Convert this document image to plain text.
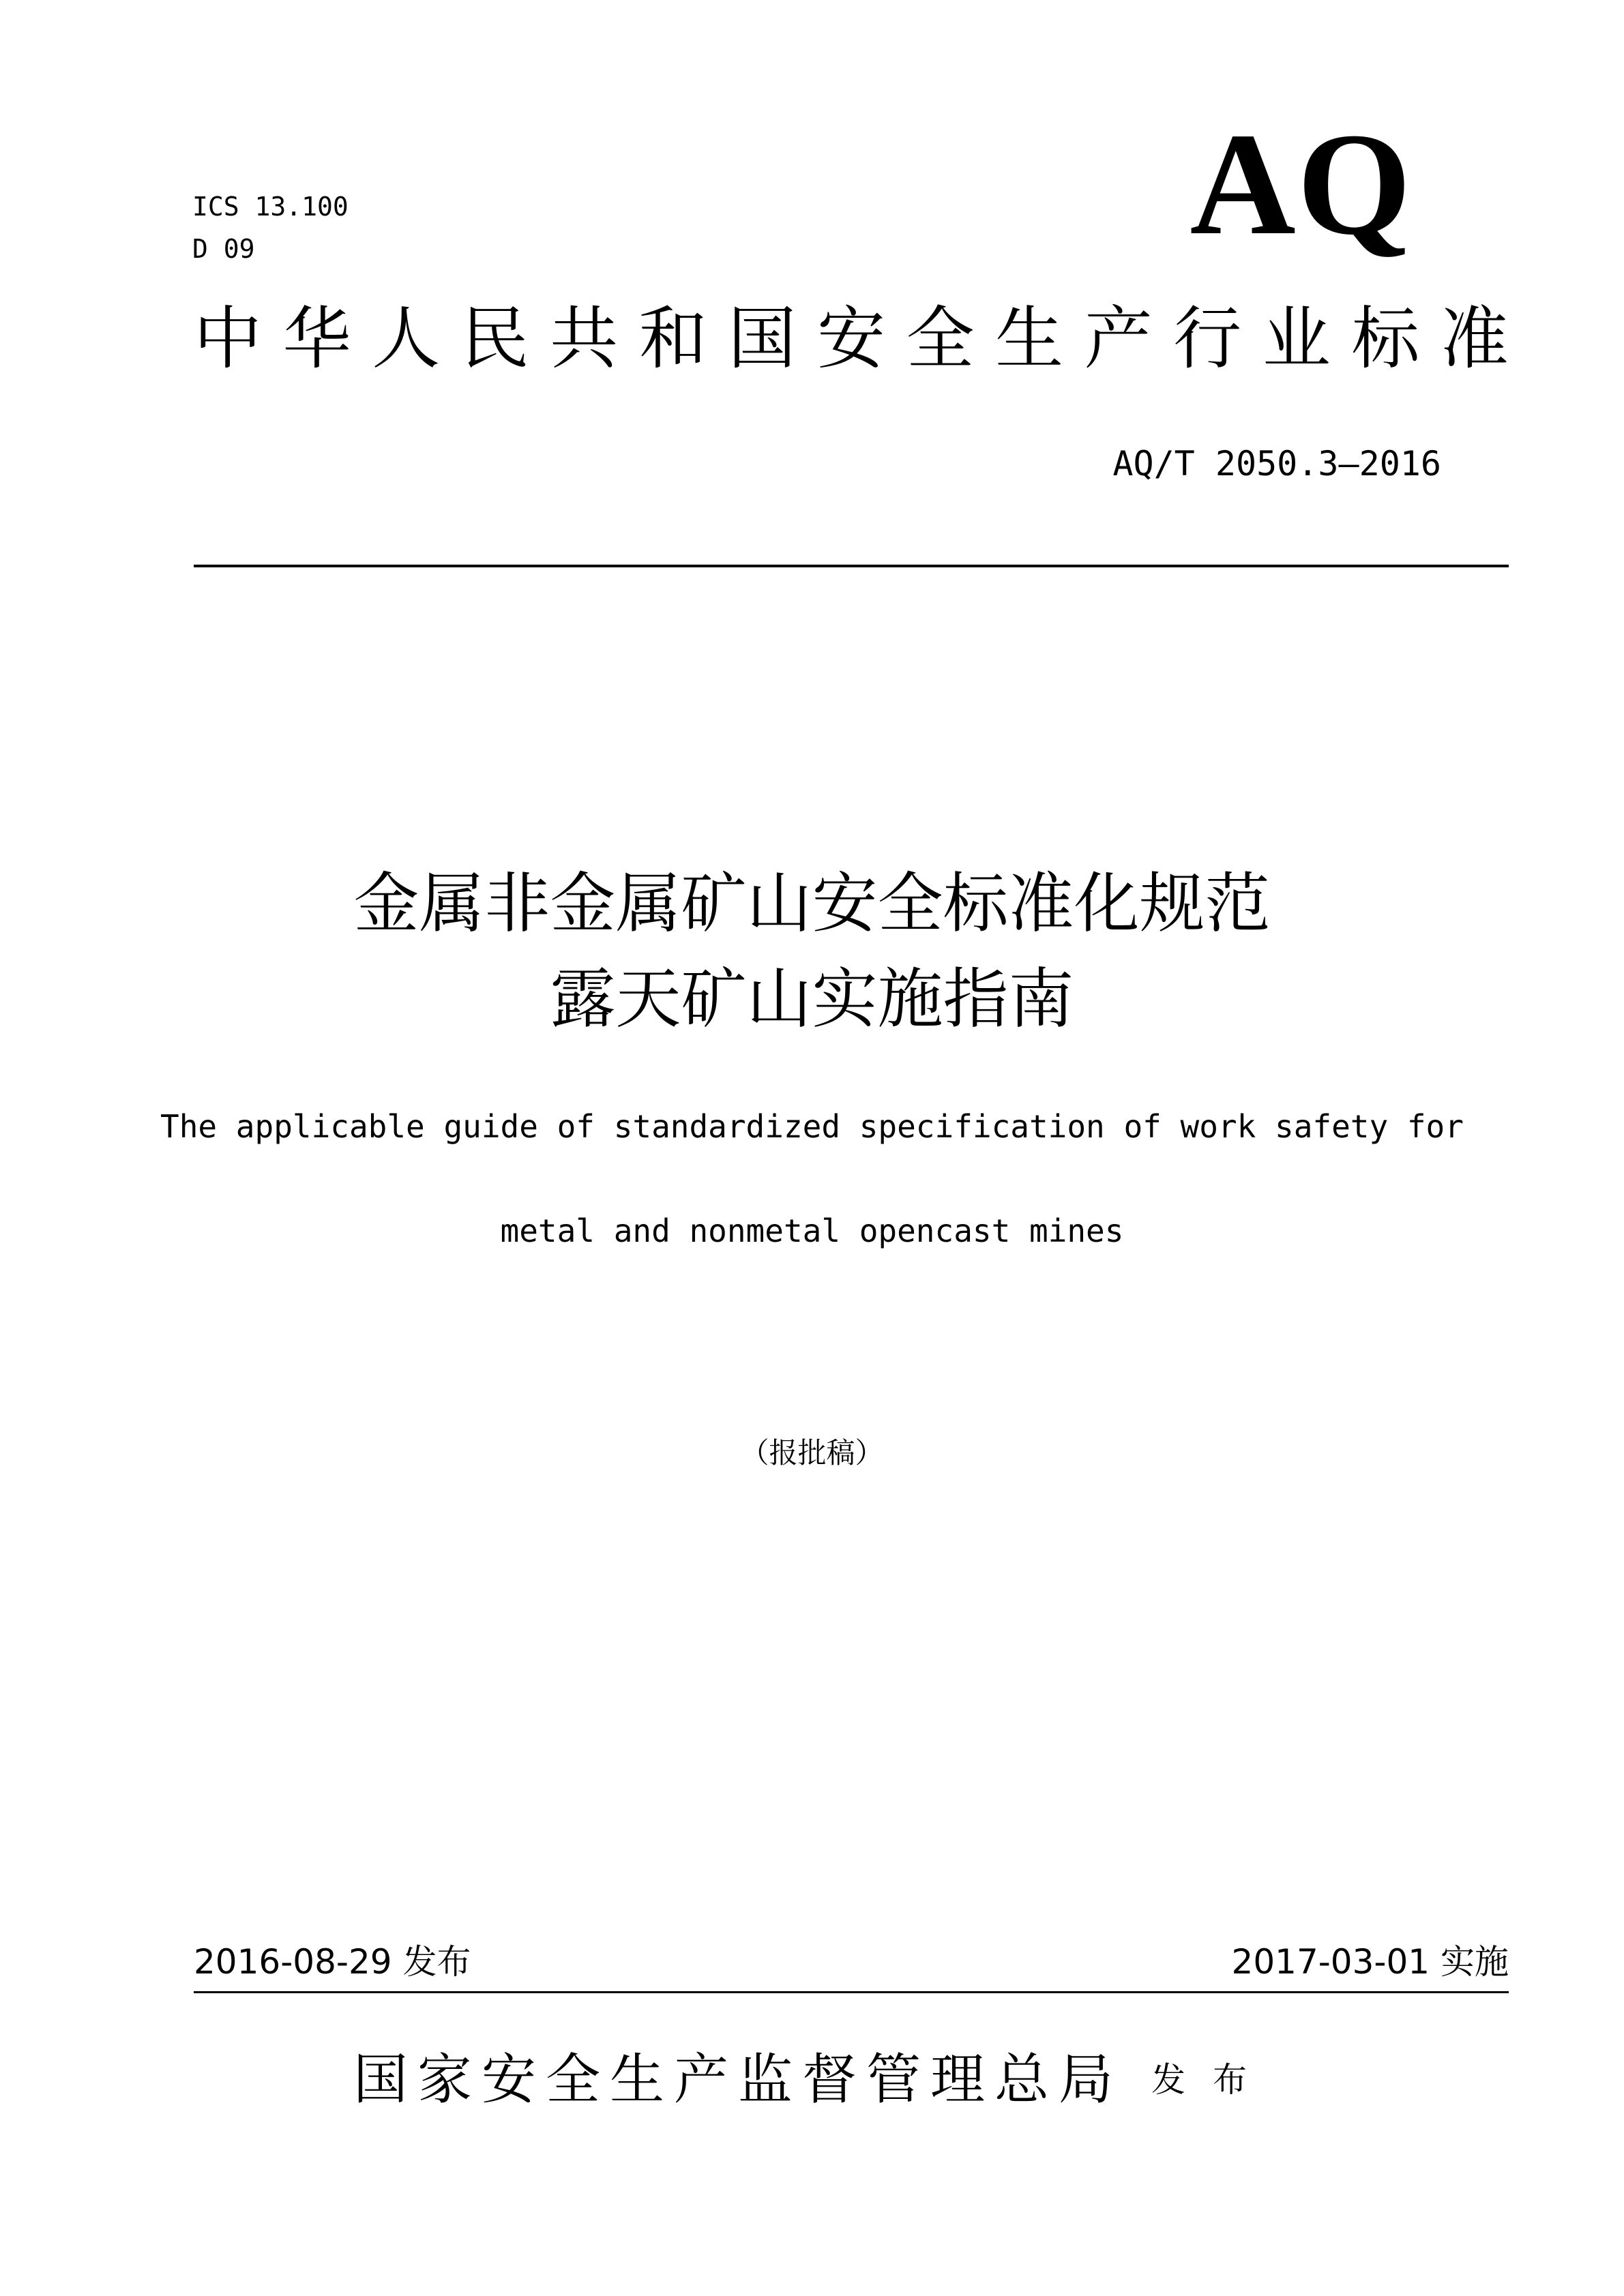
ICS 13.100
D 09	AQ
中 华 人 民 共 和 国 安 全 生 产 行 业 标 准
AQ/T 2050.3—2016
金属非金属矿山安全标准化规范
露天矿山实施指南
The applicable guide of standardized specification of work safety for
metal and nonmetal opencast mines
（报批稿）
2016-08-29 发布	2017-03-01 实施
国家安全生产监督管理总局 发布
